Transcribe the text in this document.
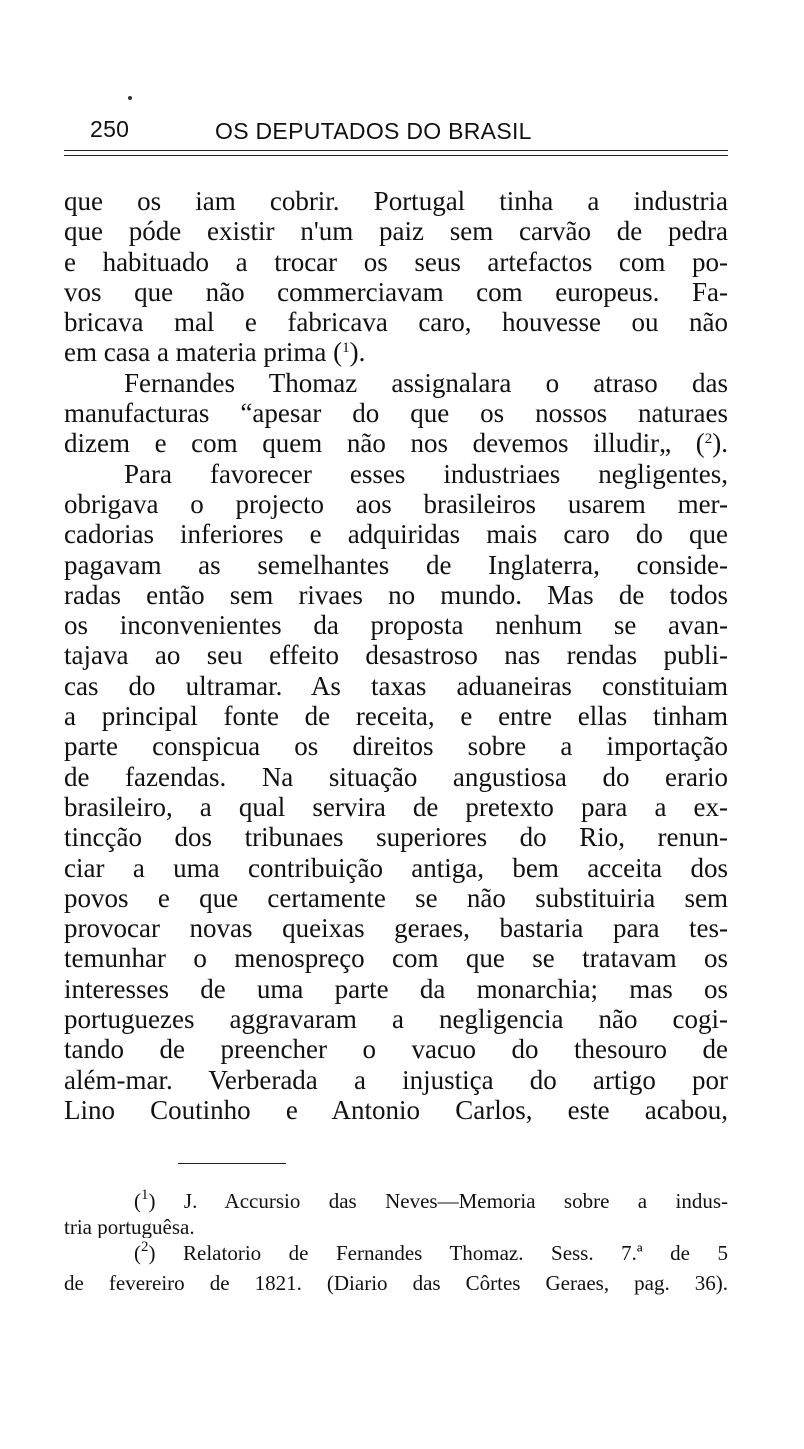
250	OS DEPUTADOS DO BRASIL
que os iam cobrir. Portugal tinha a industria
que póde existir n'um paiz sem carvão de pedra
e habituado a trocar os seus artefactos com po-
vos que não commerciavam com europeus. Fa-
bricava mal e fabricava caro, houvesse ou não
em casa a materia prima ($^1$).
Fernandes Thomaz assignalara o atraso das
manufacturas “apesar do que os nossos naturaes
dizem e com quem não nos devemos illudir„ ($^2$).
Para favorecer esses industriaes negligentes,
obrigava o projecto aos brasileiros usarem mer-
cadorias inferiores e adquiridas mais caro do que
pagavam as semelhantes de Inglaterra, conside-
radas então sem rivaes no mundo. Mas de todos
os inconvenientes da proposta nenhum se avan-
tajava ao seu effeito desastroso nas rendas publi-
cas do ultramar. As taxas aduaneiras constituiam
a principal fonte de receita, e entre ellas tinham
parte conspicua os direitos sobre a importação
de fazendas. Na situação angustiosa do erario
brasileiro, a qual servira de pretexto para a ex-
tincção dos tribunaes superiores do Rio, renun-
ciar a uma contribuição antiga, bem acceita dos
povos e que certamente se não substituiria sem
provocar novas queixas geraes, bastaria para tes-
temunhar o menospreço com que se tratavam os
interesses de uma parte da monarchia; mas os
portuguezes aggravaram a negligencia não cogi-
tando de preencher o vacuo do thesouro de
além-mar. Verberada a injustiça do artigo por
Lino Coutinho e Antonio Carlos, este acabou,
($^1$) J. Accursio das Neves—Memoria sobre a indus-
tria portuguêsa.
($^2$) Relatorio de Fernandes Thomaz. Sess. 7.ª de 5
de fevereiro de 1821. (Diario das Côrtes Geraes, pag. 36).
